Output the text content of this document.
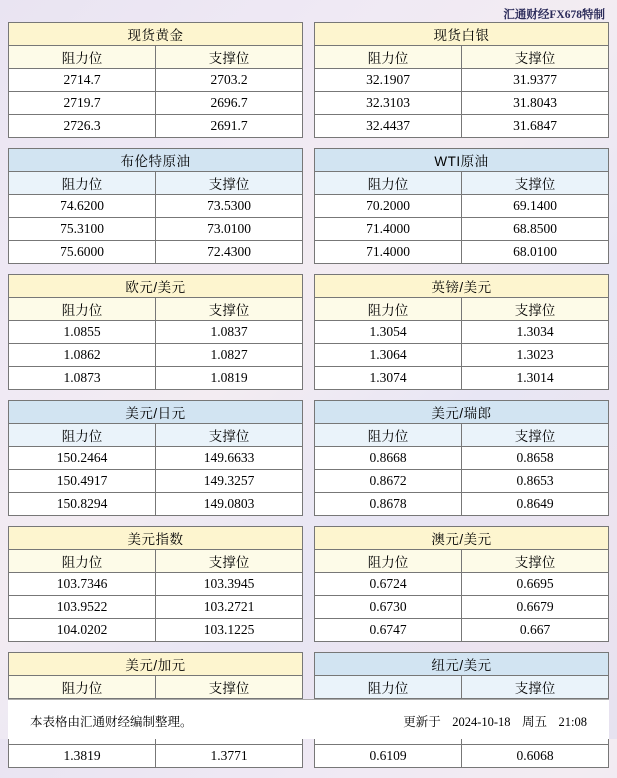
汇通财经FX678特制
现货黄金	
阻力位	支撑位
2714.7	2703.2
2719.7	2696.7
2726.3	2691.7
布伦特原油	
阻力位	支撑位
74.6200	73.5300
75.3100	73.0100
75.6000	72.4300
欧元/美元	
阻力位	支撑位
1.0855	1.0837
1.0862	1.0827
1.0873	1.0819
美元/日元	
阻力位	支撑位
150.2464	149.6633
150.4917	149.3257
150.8294	149.0803
美元指数	
阻力位	支撑位
103.7346	103.3945
103.9522	103.2721
104.0202	103.1225
美元/加元	
阻力位	支撑位

1.3819	1.3771
现货白银	
阻力位	支撑位
32.1907	31.9377
32.3103	31.8043
32.4437	31.6847
WTI原油	
阻力位	支撑位
70.2000	69.1400
71.4000	68.8500
71.4000	68.0100
英镑/美元	
阻力位	支撑位
1.3054	1.3034
1.3064	1.3023
1.3074	1.3014
美元/瑞郎	
阻力位	支撑位
0.8668	0.8658
0.8672	0.8653
0.8678	0.8649
澳元/美元	
阻力位	支撑位
0.6724	0.6695
0.6730	0.6679
0.6747	0.667
纽元/美元	
阻力位	支撑位

0.6109	0.6068
本表格由汇通财经编制整理。	更新于 2024-10-18 周五 21:08
